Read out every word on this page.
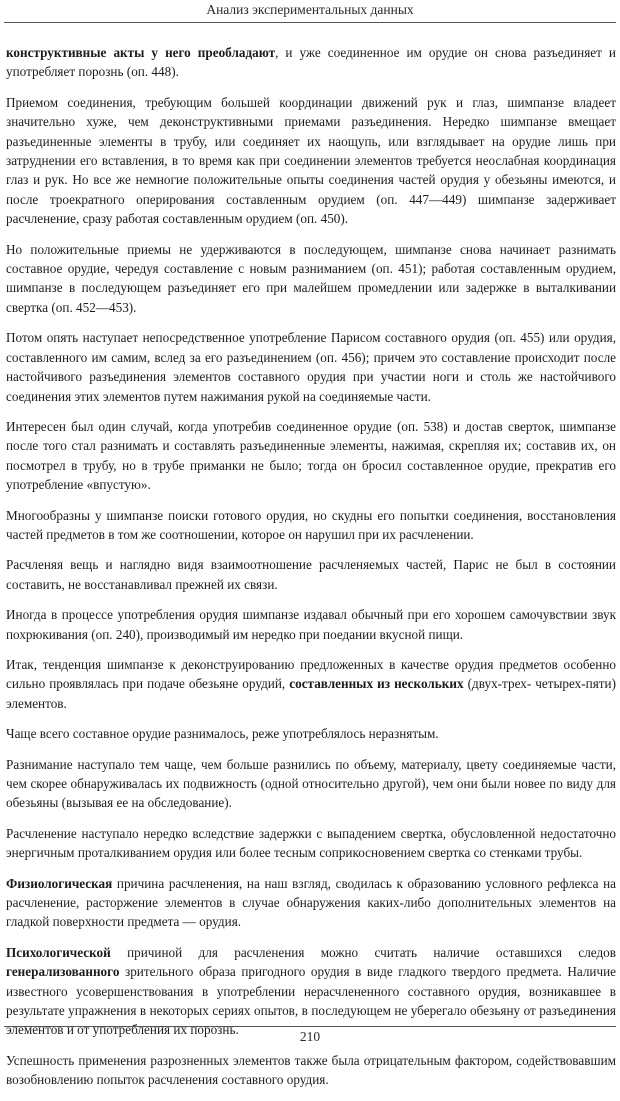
Анализ экспериментальных данных

конструктивные акты у него преобладают, и уже соединенное им орудие он снова разъединяет и употребляет порознь (оп. 448).

Приемом соединения, требующим большей координации движений рук и глаз, шимпанзе владеет значительно хуже, чем деконструктивными приемами разъединения. Нередко шимпанзе вмещает разъединенные элементы в трубу, или соединяет их наощупь, или взглядывает на орудие лишь при затруднении его вставления, в то время как при соединении элементов требуется неослабная координация глаз и рук. Но все же немногие положительные опыты соединения частей орудия у обезьяны имеются, и после троекратного оперирования составленным орудием (оп. 447—449) шимпанзе задерживает расчленение, сразу работая составленным орудием (оп. 450).

Но положительные приемы не удерживаются в последующем, шимпанзе снова начинает разнимать составное орудие, чередуя составление с новым разниманием (оп. 451); работая составленным орудием, шимпанзе в последующем разъединяет его при малейшем промедлении или задержке в выталкивании свертка (оп. 452—453).

Потом опять наступает непосредственное употребление Парисом составного орудия (оп. 455) или орудия, составленного им самим, вслед за его разъединением (оп. 456); причем это составление происходит после настойчивого разъединения элементов составного орудия при участии ноги и столь же настойчивого соединения этих элементов путем нажимания рукой на соединяемые части.

Интересен был один случай, когда употребив соединенное орудие (оп. 538) и достав сверток, шимпанзе после того стал разнимать и составлять разъединенные элементы, нажимая, скрепляя их; составив их, он посмотрел в трубу, но в трубе приманки не было; тогда он бросил составленное орудие, прекратив его употребление «впустую».

Многообразны у шимпанзе поиски готового орудия, но скудны его попытки соединения, восстановления частей предметов в том же соотношении, которое он нарушил при их расчленении.

Расчленяя вещь и наглядно видя взаимоотношение расчленяемых частей, Парис не был в состоянии составить, не восстанавливал прежней их связи.

Иногда в процессе употребления орудия шимпанзе издавал обычный при его хорошем самочувствии звук похрюкивания (оп. 240), производимый им нередко при поедании вкусной пищи.

Итак, тенденция шимпанзе к деконструированию предложенных в качестве орудия предметов особенно сильно проявлялась при подаче обезьяне орудий, составленных из нескольких (двух-трех- четырех-пяти) элементов.

Чаще всего составное орудие разнималось, реже употреблялось неразнятым.

Разнимание наступало тем чаще, чем больше разнились по объему, материалу, цвету соединяемые части, чем скорее обнаруживалась их подвижность (одной относительно другой), чем они были новее по виду для обезьяны (вызывая ее на обследование).

Расчленение наступало нередко вследствие задержки с выпадением свертка, обусловленной недостаточно энергичным проталкиванием орудия или более тесным соприкосновением свертка со стенками трубы.

Физиологическая причина расчленения, на наш взгляд, сводилась к образованию условного рефлекса на расчленение, расторжение элементов в случае обнаружения каких-либо дополнительных элементов на гладкой поверхности предмета — орудия.

Психологической причиной для расчленения можно считать наличие оставшихся следов генерализованного зрительного образа пригодного орудия в виде гладкого твердого предмета. Наличие известного усовершенствования в употреблении нерасчлененного составного орудия, возникавшее в результате упражнения в некоторых сериях опытов, в последующем не уберегало обезьяну от разъединения элементов и от употребления их порознь.

Успешность применения разрозненных элементов также была отрицательным фактором, содействовавшим возобновлению попыток расчленения составного орудия.

210
